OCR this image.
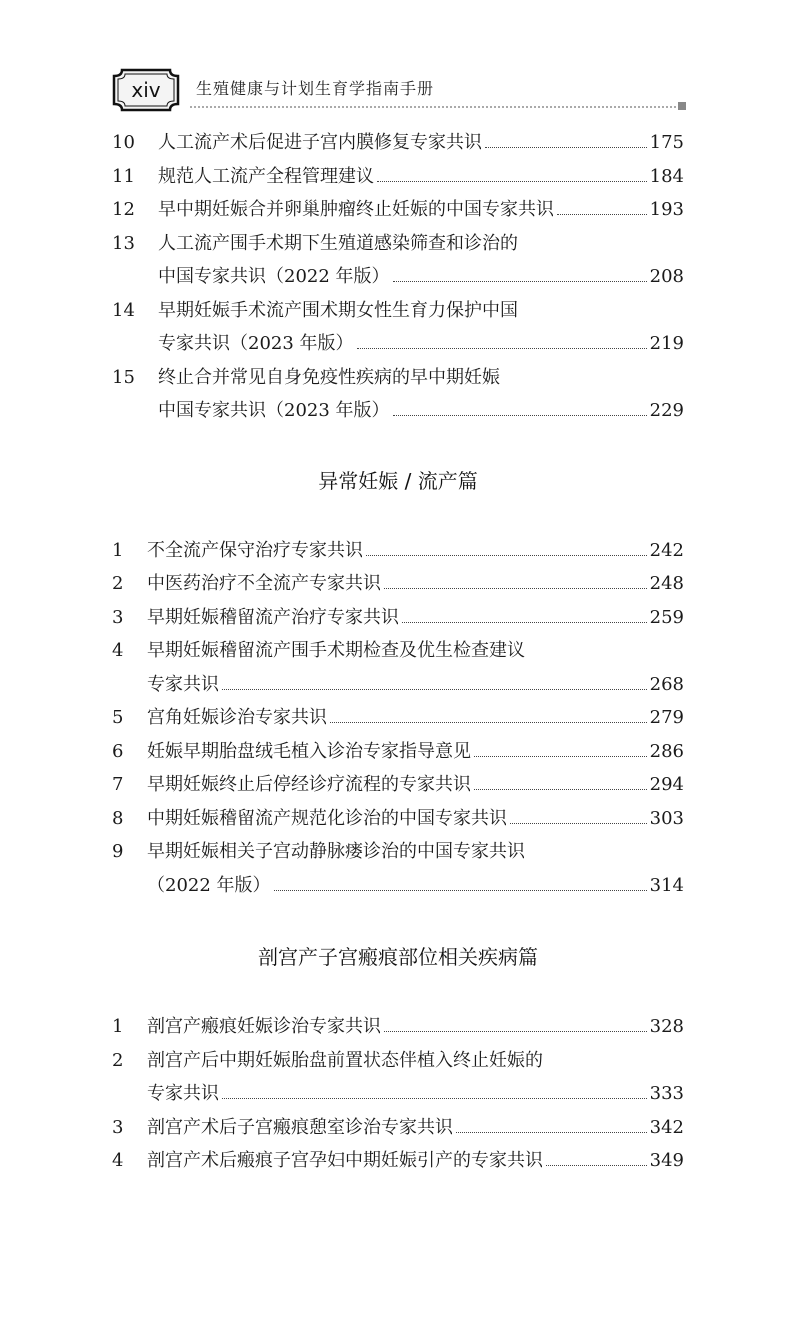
xiv	生殖健康与计划生育学指南手册
10	人工流产术后促进子宫内膜修复专家共识	175
11	规范人工流产全程管理建议	184
12	早中期妊娠合并卵巢肿瘤终止妊娠的中国专家共识	193
13	人工流产围手术期下生殖道感染筛查和诊治的
中国专家共识（2022 年版）	208
14	早期妊娠手术流产围术期女性生育力保护中国
专家共识（2023 年版）	219
15	终止合并常见自身免疫性疾病的早中期妊娠
中国专家共识（2023 年版）	229
异常妊娠 / 流产篇
1	不全流产保守治疗专家共识	242
2	中医药治疗不全流产专家共识	248
3	早期妊娠稽留流产治疗专家共识	259
4	早期妊娠稽留流产围手术期检查及优生检查建议
专家共识	268
5	宫角妊娠诊治专家共识	279
6	妊娠早期胎盘绒毛植入诊治专家指导意见	286
7	早期妊娠终止后停经诊疗流程的专家共识	294
8	中期妊娠稽留流产规范化诊治的中国专家共识	303
9	早期妊娠相关子宫动静脉瘘诊治的中国专家共识
（2022 年版）	314
剖宫产子宫瘢痕部位相关疾病篇
1	剖宫产瘢痕妊娠诊治专家共识	328
2	剖宫产后中期妊娠胎盘前置状态伴植入终止妊娠的
专家共识	333
3	剖宫产术后子宫瘢痕憩室诊治专家共识	342
4	剖宫产术后瘢痕子宫孕妇中期妊娠引产的专家共识	349
